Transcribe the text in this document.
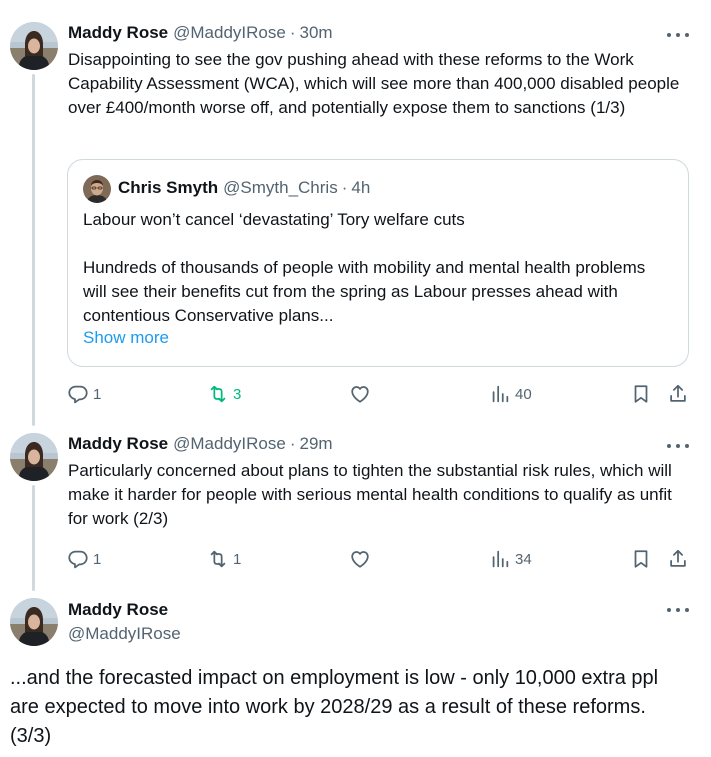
Maddy Rose @MaddyIRose · 30m
Disappointing to see the gov pushing ahead with these reforms to the Work Capability Assessment (WCA), which will see more than 400,000 disabled people over £400/month worse off, and potentially expose them to sanctions (1/3)
Chris Smyth @Smyth_Chris · 4h
Labour won’t cancel ‘devastating’ Tory welfare cuts
Hundreds of thousands of people with mobility and mental health problems will see their benefits cut from the spring as Labour presses ahead with contentious Conservative plans...
Show more
1	3	40
Maddy Rose @MaddyIRose · 29m
Particularly concerned about plans to tighten the substantial risk rules, which will make it harder for people with serious mental health conditions to qualify as unfit for work (2/3)
1	1	34
Maddy Rose
@MaddyIRose
...and the forecasted impact on employment is low - only 10,000 extra ppl are expected to move into work by 2028/29 as a result of these reforms. (3/3)
